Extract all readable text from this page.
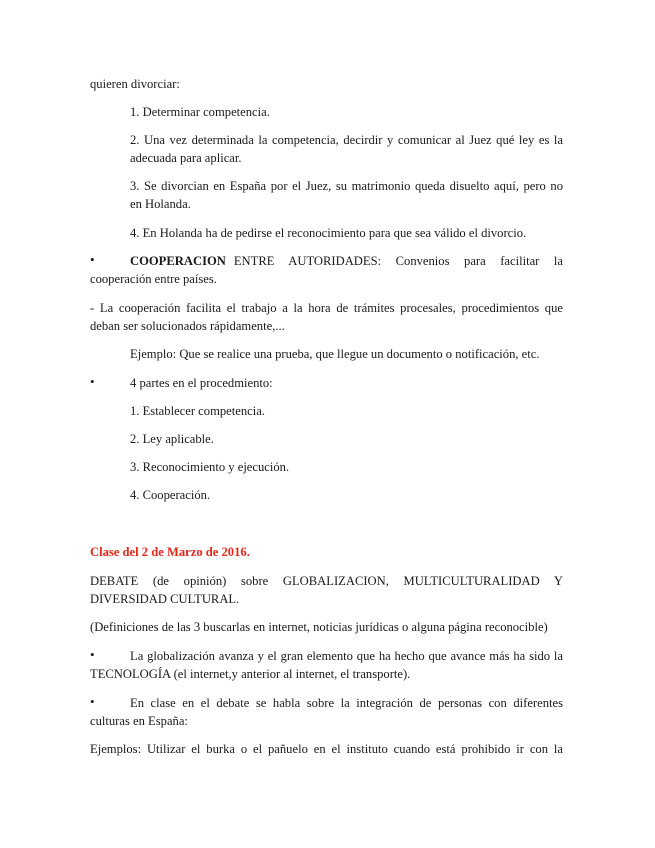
quieren divorciar:
1. Determinar competencia.
2. Una vez determinada la competencia, decirdir y comunicar al Juez qué ley es la
adecuada para aplicar.
3. Se divorcian en España por el Juez, su matrimonio queda disuelto aquí, pero no
en Holanda.
4. En Holanda ha de pedirse el reconocimiento para que sea válido el divorcio.
•	COOPERACION ENTRE AUTORIDADES: Convenios para facilitar la
cooperación entre países.
- La cooperación facilita el trabajo a la hora de trámites procesales, procedimientos que
deban ser solucionados rápidamente,...
Ejemplo: Que se realice una prueba, que llegue un documento o notificación, etc.
•	4 partes en el procedmiento:
1. Establecer competencia.
2. Ley aplicable.
3. Reconocimiento y ejecución.
4. Cooperación.
Clase del 2 de Marzo de 2016.
DEBATE (de opinión) sobre GLOBALIZACION, MULTICULTURALIDAD Y
DIVERSIDAD CULTURAL.
(Definiciones de las 3 buscarlas en internet, noticias jurídicas o alguna página reconocible)
•	La globalización avanza y el gran elemento que ha hecho que avance más ha sido la
TECNOLOGÍA (el internet,y anterior al internet, el transporte).
•	En clase en el debate se habla sobre la integración de personas con diferentes
culturas en España:
Ejemplos: Utilizar el burka o el pañuelo en el instituto cuando está prohibido ir con la
